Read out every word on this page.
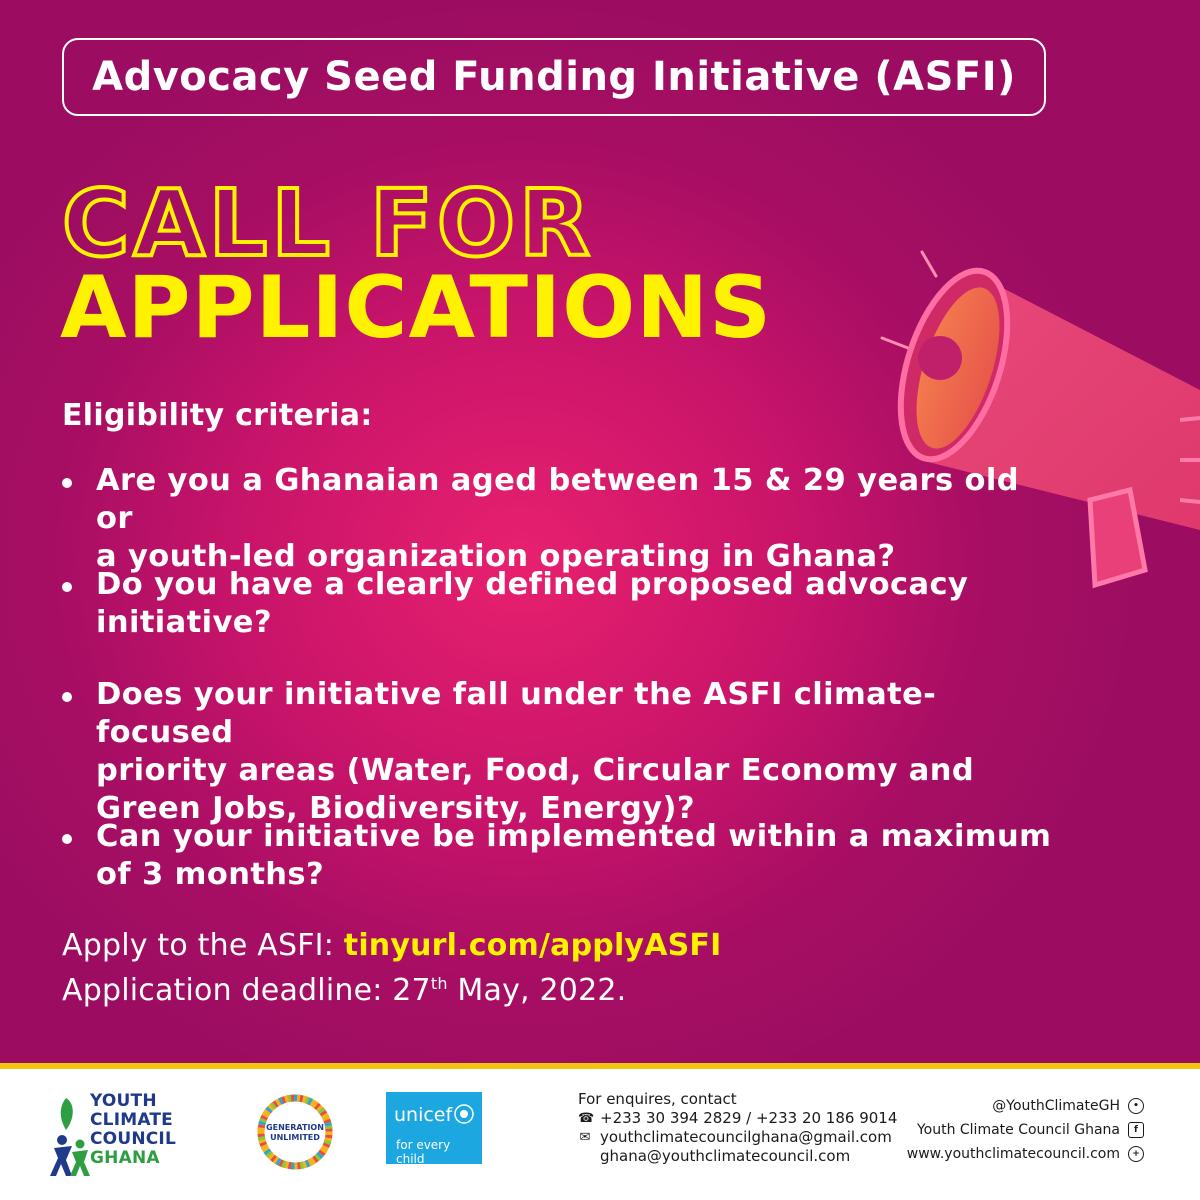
Advocacy Seed Funding Initiative (ASFI)
CALL FOR
APPLICATIONS
Eligibility criteria:
Are you a Ghanaian aged between 15 & 29 years old or
a youth-led organization operating in Ghana?
Do you have a clearly defined proposed advocacy
initiative?
Does your initiative fall under the ASFI climate-focused
priority areas (Water, Food, Circular Economy and
Green Jobs, Biodiversity, Energy)?
Can your initiative be implemented within a maximum
of 3 months?
Apply to the ASFI: tinyurl.com/applyASFI
Application deadline: 27th May, 2022.
YOUTH
CLIMATE
COUNCIL
GHANA
GENERATION
UNLIMITED
unicef
for every child
For enquires, contact
☎ +233 30 394 2829 / +233 20 186 9014
✉ youthclimatecouncilghana@gmail.com
ghana@youthclimatecouncil.com
@YouthClimateGH	•
Youth Climate Council Ghana	f
www.youthclimatecouncil.com	+
